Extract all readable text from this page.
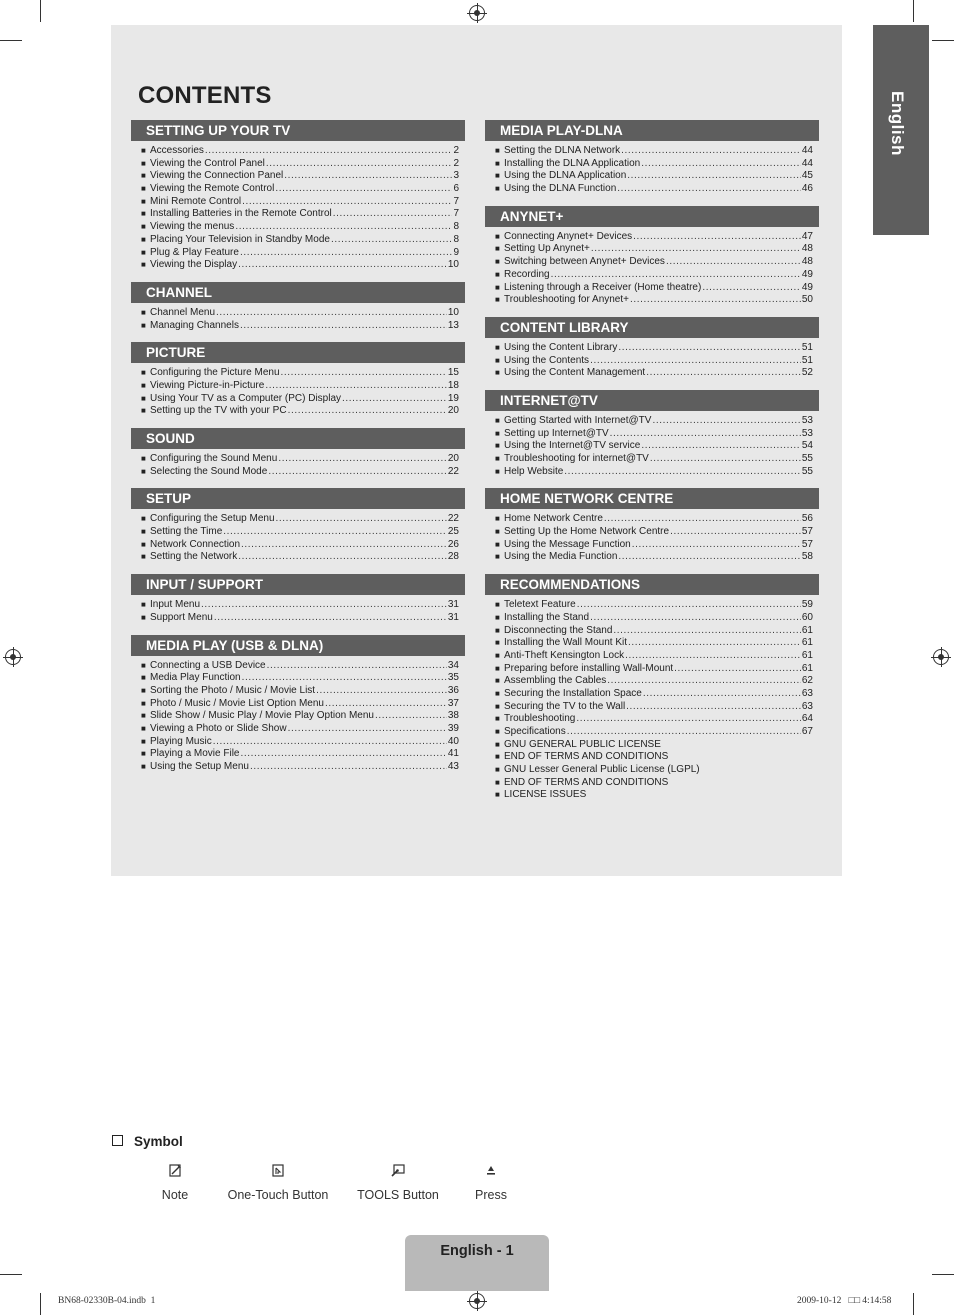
CONTENTS	English
SETTING UP YOUR TV
■ Accessories .....	2
■ Viewing the Control Panel .....	2
■ Viewing the Connection Panel .....	3
■ Viewing the Remote Control .....	6
■ Mini Remote Control .....	7
■ Installing Batteries in the Remote Control .....	7
■ Viewing the menus .....	8
■ Placing Your Television in Standby Mode .....	8
■ Plug & Play Feature .....	9
■ Viewing the Display .....	10
CHANNEL
■ Channel Menu .....	10
■ Managing Channels .....	13
PICTURE
■ Configuring the Picture Menu .....	15
■ Viewing Picture-in-Picture .....	18
■ Using Your TV as a Computer (PC) Display .....	19
■ Setting up the TV with your PC .....	20
SOUND
■ Configuring the Sound Menu .....	20
■ Selecting the Sound Mode .....	22
SETUP
■ Configuring the Setup Menu .....	22
■ Setting the Time .....	25
■ Network Connection .....	26
■ Setting the Network .....	28
INPUT / SUPPORT
■ Input Menu .....	31
■ Support Menu .....	31
MEDIA PLAY (USB & DLNA)
■ Connecting a USB Device .....	34
■ Media Play Function .....	35
■ Sorting the Photo / Music / Movie List .....	36
■ Photo / Music / Movie List Option Menu .....	37
■ Slide Show / Music Play / Movie Play Option Menu .....	38
■ Viewing a Photo or Slide Show .....	39
■ Playing Music .....	40
■ Playing a Movie File .....	41
■ Using the Setup Menu .....	43
MEDIA PLAY-DLNA
■ Setting the DLNA Network .....	44
■ Installing the DLNA Application .....	44
■ Using the DLNA Application .....	45
■ Using the DLNA Function .....	46
ANYNET+
■ Connecting Anynet+ Devices .....	47
■ Setting Up Anynet+ .....	48
■ Switching between Anynet+ Devices .....	48
■ Recording .....	49
■ Listening through a Receiver (Home theatre) .....	49
■ Troubleshooting for Anynet+ .....	50
CONTENT LIBRARY
■ Using the Content Library .....	51
■ Using the Contents .....	51
■ Using the Content Management .....	52
INTERNET@TV
■ Getting Started with Internet@TV .....	53
■ Setting up Internet@TV .....	53
■ Using the Internet@TV service .....	54
■ Troubleshooting for internet@TV .....	55
■ Help Website .....	55
HOME NETWORK CENTRE
■ Home Network Centre .....	56
■ Setting Up the Home Network Centre .....	57
■ Using the Message Function .....	57
■ Using the Media Function .....	58
RECOMMENDATIONS
■ Teletext Feature .....	59
■ Installing the Stand .....	60
■ Disconnecting the Stand .....	61
■ Installing the Wall Mount Kit .....	61
■ Anti-Theft Kensington Lock .....	61
■ Preparing before installing Wall-Mount .....	61
■ Assembling the Cables .....	62
■ Securing the Installation Space .....	63
■ Securing the TV to the Wall .....	63
■ Troubleshooting .....	64
■ Specifications .....	67
■ GNU GENERAL PUBLIC LICENSE
■ END OF TERMS AND CONDITIONS
■ GNU Lesser General Public License (LGPL)
■ END OF TERMS AND CONDITIONS
■ LICENSE ISSUES
Symbol
Note	One-Touch Button	TOOLS Button	Press
English - 1
BN68-02330B-04.indb 1	2009-10-12 □□ 4:14:58
